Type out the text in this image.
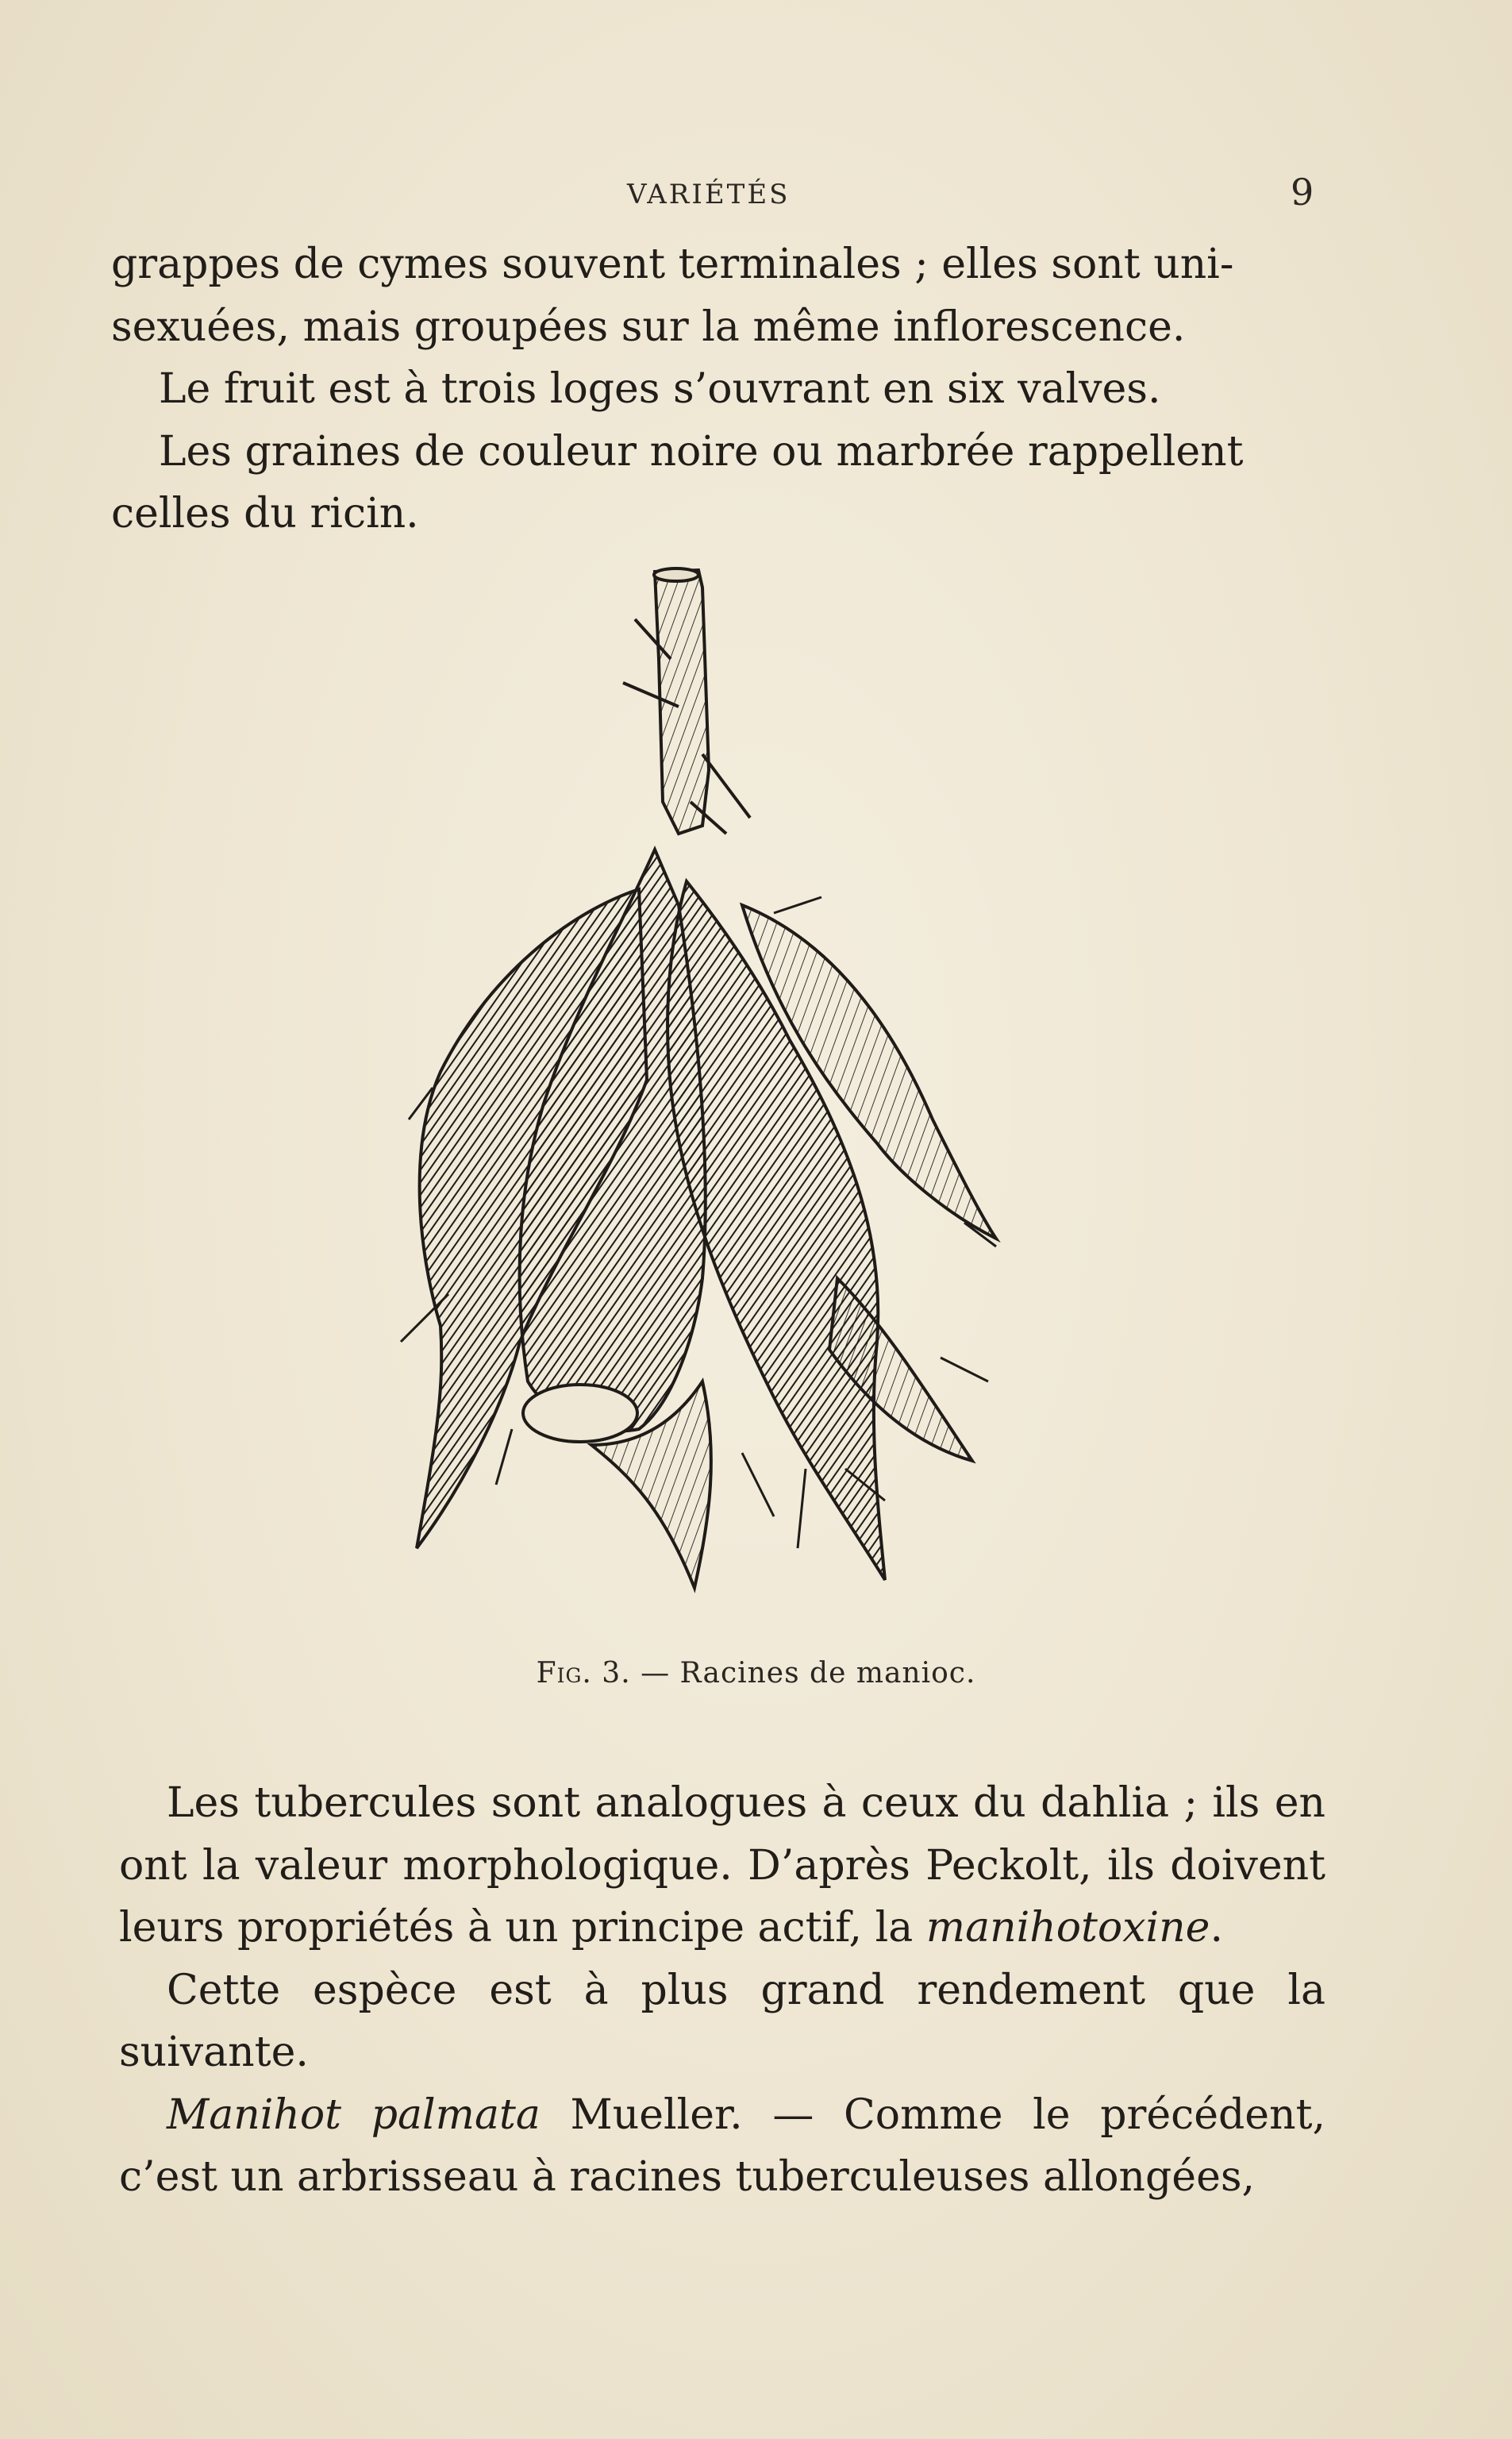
VARIÉTÉS	9

grappes de cymes souvent terminales ; elles sont uni-
sexuées, mais groupées sur la même inflorescence.

Le fruit est à trois loges s’ouvrant en six valves.

Les graines de couleur noire ou marbrée rappellent
celles du ricin.

Fig. 3. — Racines de manioc.

Les tubercules sont analogues à ceux du dahlia ; ils en ont la valeur morphologique. D’après Peckolt, ils doivent leurs propriétés à un principe actif, la manihotoxine.

Cette espèce est à plus grand rendement que la suivante.

Manihot palmata Mueller. — Comme le précédent, c’est un arbrisseau à racines tuberculeuses allongées,
